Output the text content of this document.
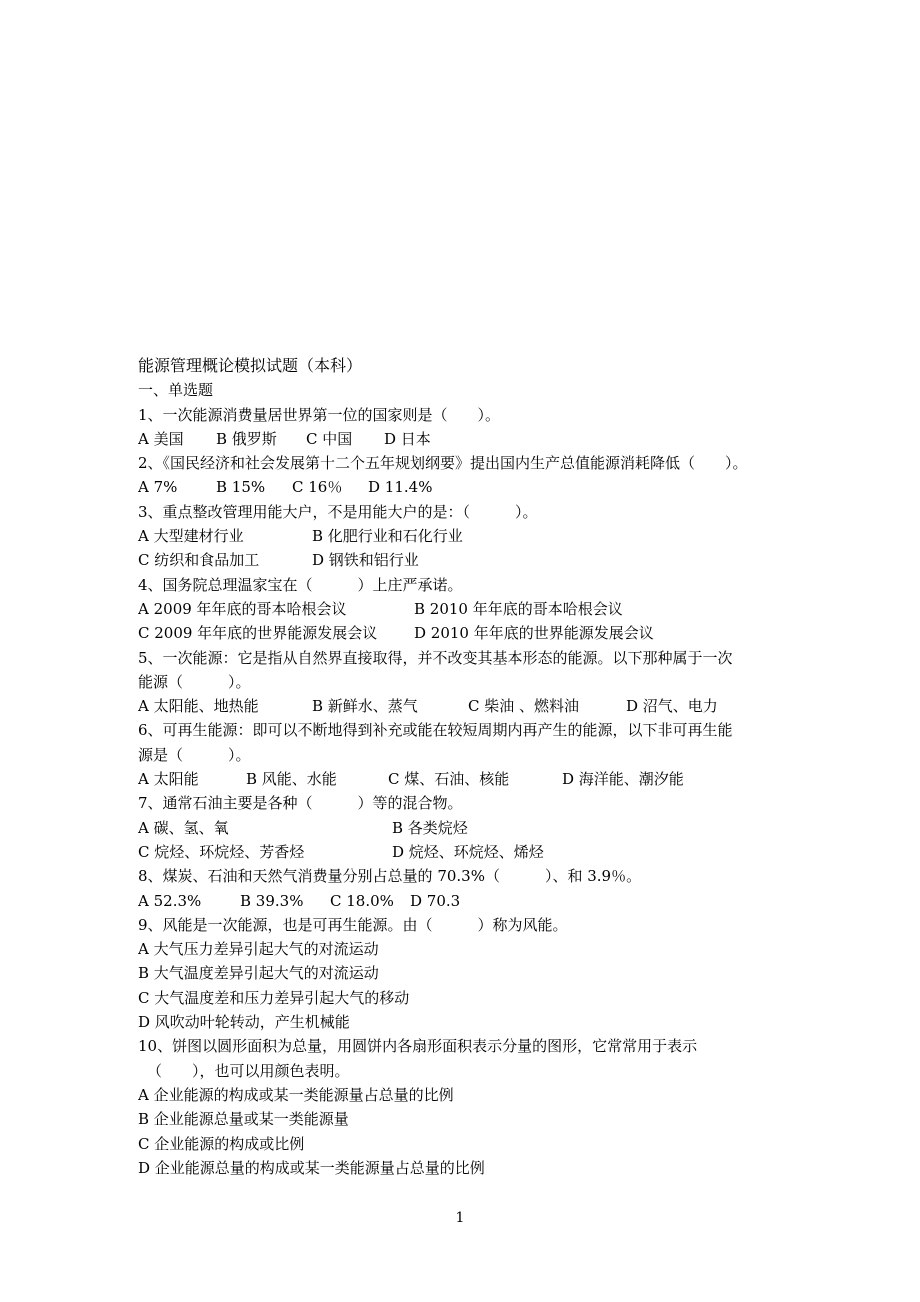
能源管理概论模拟试题（本科）
一、单选题
1、一次能源消费量居世界第一位的国家则是（　　）。
A 美国	B 俄罗斯	C 中国	D 日本
2、《国民经济和社会发展第十二个五年规划纲要》提出国内生产总值能源消耗降低（　　）。
A 7%	B 15%	C 16％	D 11.4%
3、重点整改管理用能大户，不是用能大户的是：（　　　）。
A 大型建材行业	B 化肥行业和石化行业
C 纺织和食品加工	D 钢铁和铝行业
4、国务院总理温家宝在（　　　）上庄严承诺。
A 2009 年年底的哥本哈根会议	B 2010 年年底的哥本哈根会议
C 2009 年年底的世界能源发展会议	D 2010 年年底的世界能源发展会议
5、一次能源：它是指从自然界直接取得，并不改变其基本形态的能源。以下那种属于一次
能源（　　　）。
A 太阳能、地热能	B 新鲜水、蒸气	C 柴油 、燃料油	D 沼气、电力
6、可再生能源：即可以不断地得到补充或能在较短周期内再产生的能源，以下非可再生能
源是（　　　）。
A 太阳能	B 风能、水能	C 煤、石油、核能	D 海洋能、潮汐能
7、通常石油主要是各种（　　　）等的混合物。
A 碳、氢、氧	B 各类烷烃
C 烷烃、环烷烃、芳香烃	D 烷烃、环烷烃、烯烃
8、煤炭、石油和天然气消费量分别占总量的 70.3%（　　　）、和 3.9％。
A 52.3%	B 39.3%	C 18.0%	D 70.3
9、风能是一次能源，也是可再生能源。由（　　　）称为风能。
A 大气压力差异引起大气的对流运动
B 大气温度差异引起大气的对流运动
C 大气温度差和压力差异引起大气的移动
D 风吹动叶轮转动，产生机械能
10、饼图以圆形面积为总量，用圆饼内各扇形面积表示分量的图形，它常常用于表示
（　　），也可以用颜色表明。
A 企业能源的构成或某一类能源量占总量的比例
B 企业能源总量或某一类能源量
C 企业能源的构成或比例
D 企业能源总量的构成或某一类能源量占总量的比例
1
